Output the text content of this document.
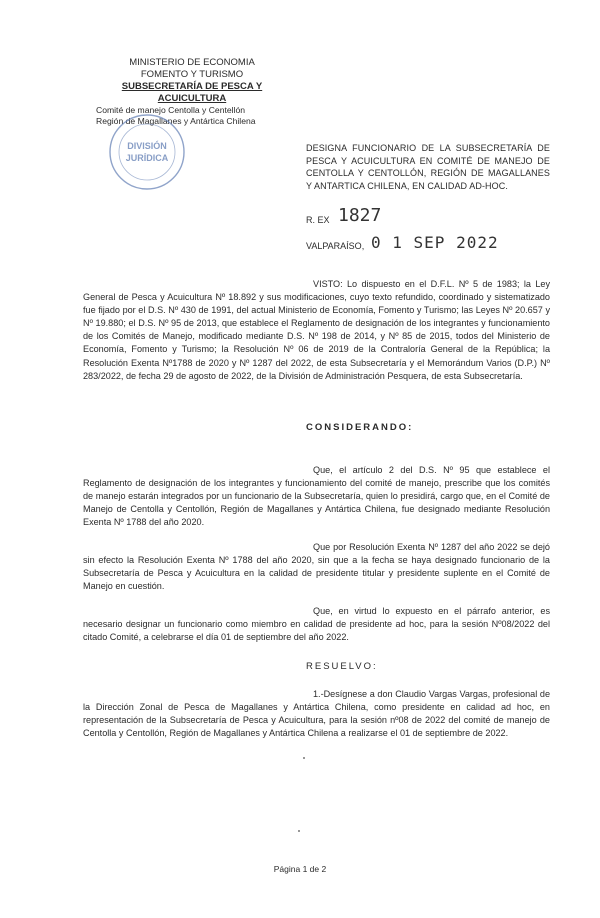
MINISTERIO DE ECONOMIA
FOMENTO Y TURISMO
SUBSECRETARÍA DE PESCA Y ACUICULTURA
Comité de manejo Centolla y Centellón
Región de Magallanes y Antártica Chilena
DIVISIÓN
JURÍDICA
DESIGNA FUNCIONARIO DE LA SUBSECRETARÍA DE PESCA Y ACUICULTURA EN COMITÉ DE MANEJO DE CENTOLLA Y CENTOLLÓN, REGIÓN DE MAGALLANES Y ANTARTICA CHILENA, EN CALIDAD AD-HOC.
R. EX 1827
VALPARAÍSO, 0 1 SEP 2022
VISTO: Lo dispuesto en el D.F.L. Nº 5 de 1983; la Ley General de Pesca y Acuicultura Nº 18.892 y sus modificaciones, cuyo texto refundido, coordinado y sistematizado fue fijado por el D.S. Nº 430 de 1991, del actual Ministerio de Economía, Fomento y Turismo; las Leyes Nº 20.657 y Nº 19.880; el D.S. Nº 95 de 2013, que establece el Reglamento de designación de los integrantes y funcionamiento de los Comités de Manejo, modificado mediante D.S. Nº 198 de 2014, y Nº 85 de 2015, todos del Ministerio de Economía, Fomento y Turismo; la Resolución Nº 06 de 2019 de la Contraloría General de la República; la Resolución Exenta Nº1788 de 2020 y Nº 1287 del 2022, de esta Subsecretaría y el Memorándum Varios (D.P.) Nº 283/2022, de fecha 29 de agosto de 2022, de la División de Administración Pesquera, de esta Subsecretaría.
CONSIDERANDO:
Que, el artículo 2 del D.S. Nº 95 que establece el Reglamento de designación de los integrantes y funcionamiento del comité de manejo, prescribe que los comités de manejo estarán integrados por un funcionario de la Subsecretaría, quien lo presidirá, cargo que, en el Comité de Manejo de Centolla y Centollón, Región de Magallanes y Antártica Chilena, fue designado mediante Resolución Exenta Nº 1788 del año 2020.
Que por Resolución Exenta Nº 1287 del año 2022 se dejó sin efecto la Resolución Exenta Nº 1788 del año 2020, sin que a la fecha se haya designado funcionario de la Subsecretaría de Pesca y Acuicultura en la calidad de presidente titular y presidente suplente en el Comité de Manejo en cuestión.
Que, en virtud lo expuesto en el párrafo anterior, es necesario designar un funcionario como miembro en calidad de presidente ad hoc, para la sesión Nº08/2022 del citado Comité, a celebrarse el día 01 de septiembre del año 2022.
RESUELVO:
1.-Desígnese a don Claudio Vargas Vargas, profesional de la Dirección Zonal de Pesca de Magallanes y Antártica Chilena, como presidente en calidad ad hoc, en representación de la Subsecretaría de Pesca y Acuicultura, para la sesión nº08 de 2022 del comité de manejo de Centolla y Centollón, Región de Magallanes y Antártica Chilena a realizarse el 01 de septiembre de 2022.
Página 1 de 2
